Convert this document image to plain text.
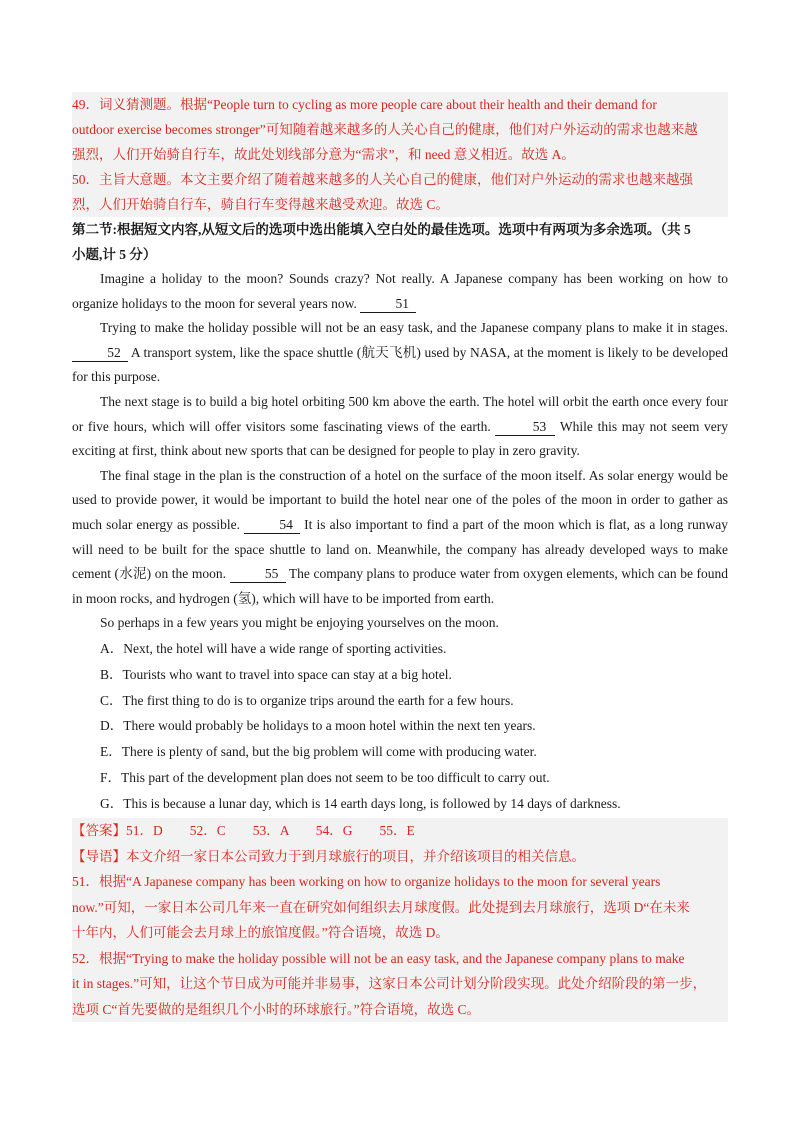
49．词义猜测题。根据“People turn to cycling as more people care about their health and their demand for

outdoor exercise becomes stronger”可知随着越来越多的人关心自己的健康，他们对户外运动的需求也越来越

强烈，人们开始骑自行车，故此处划线部分意为“需求”，和 need 意义相近。故选 A。

50．主旨大意题。本文主要介绍了随着越来越多的人关心自己的健康，他们对户外运动的需求也越来越强

烈，人们开始骑自行车，骑自行车变得越来越受欢迎。故选 C。

第二节:根据短文内容,从短文后的选项中选出能填入空白处的最佳选项。选项中有两项为多余选项。（共 5
小题,计 5 分）

Imagine a holiday to the moon? Sounds crazy? Not really. A Japanese company has been working on how to organize holidays to the moon for several years now.	51

Trying to make the holiday possible will not be an easy task, and the Japanese company plans to make it in stages. 52 A transport system, like the space shuttle (航天飞机) used by NASA, at the moment is likely to be developed for this purpose.

The next stage is to build a big hotel orbiting 500 km above the earth. The hotel will orbit the earth once every four or five hours, which will offer visitors some fascinating views of the earth.	53 While this may not seem very exciting at first, think about new sports that can be designed for people to play in zero gravity.

The final stage in the plan is the construction of a hotel on the surface of the moon itself. As solar energy would be used to provide power, it would be important to build the hotel near one of the poles of the moon in order to gather as much solar energy as possible.	54 It is also important to find a part of the moon which is flat, as a long runway will need to be built for the space shuttle to land on. Meanwhile, the company has already developed ways to make cement (水泥) on the moon.	55 The company plans to produce water from oxygen elements, which can be found in moon rocks, and hydrogen (氢), which will have to be imported from earth.

So perhaps in a few years you might be enjoying yourselves on the moon.

A．Next, the hotel will have a wide range of sporting activities.

B．Tourists who want to travel into space can stay at a big hotel.

C．The first thing to do is to organize trips around the earth for a few hours.

D．There would probably be holidays to a moon hotel within the next ten years.

E．There is plenty of sand, but the big problem will come with producing water.

F．This part of the development plan does not seem to be too difficult to carry out.

G．This is because a lunar day, which is 14 earth days long, is followed by 14 days of darkness.

【答案】51．D　　52．C　　53．A　　54．G　　55．E

【导语】本文介绍一家日本公司致力于到月球旅行的项目，并介绍该项目的相关信息。

51．根据“A Japanese company has been working on how to organize holidays to the moon for several years

now.”可知，一家日本公司几年来一直在研究如何组织去月球度假。此处提到去月球旅行，选项 D“在未来

十年内，人们可能会去月球上的旅馆度假。”符合语境，故选 D。

52．根据“Trying to make the holiday possible will not be an easy task, and the Japanese company plans to make

it in stages.”可知，让这个节日成为可能并非易事，这家日本公司计划分阶段实现。此处介绍阶段的第一步，

选项 C“首先要做的是组织几个小时的环球旅行。”符合语境，故选 C。
